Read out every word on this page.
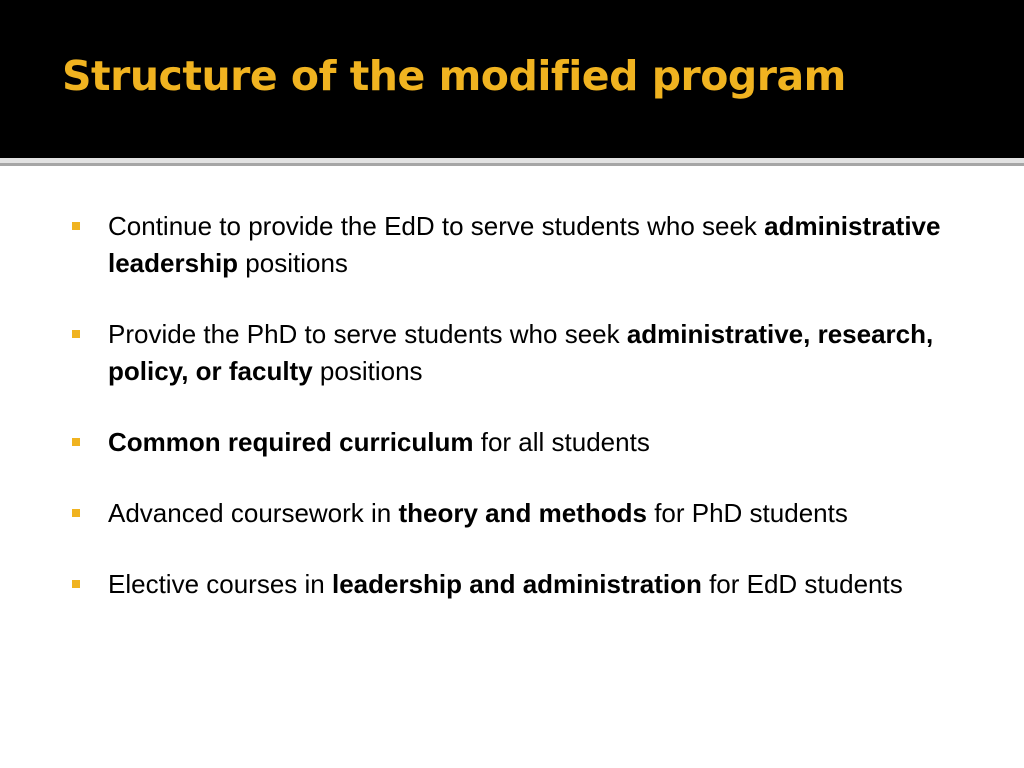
Structure of the modified program
Continue to provide the EdD to serve students who seek administrative leadership positions
Provide the PhD to serve students who seek administrative, research, policy, or faculty positions
Common required curriculum for all students
Advanced coursework in theory and methods for PhD students
Elective courses in leadership and administration for EdD students
